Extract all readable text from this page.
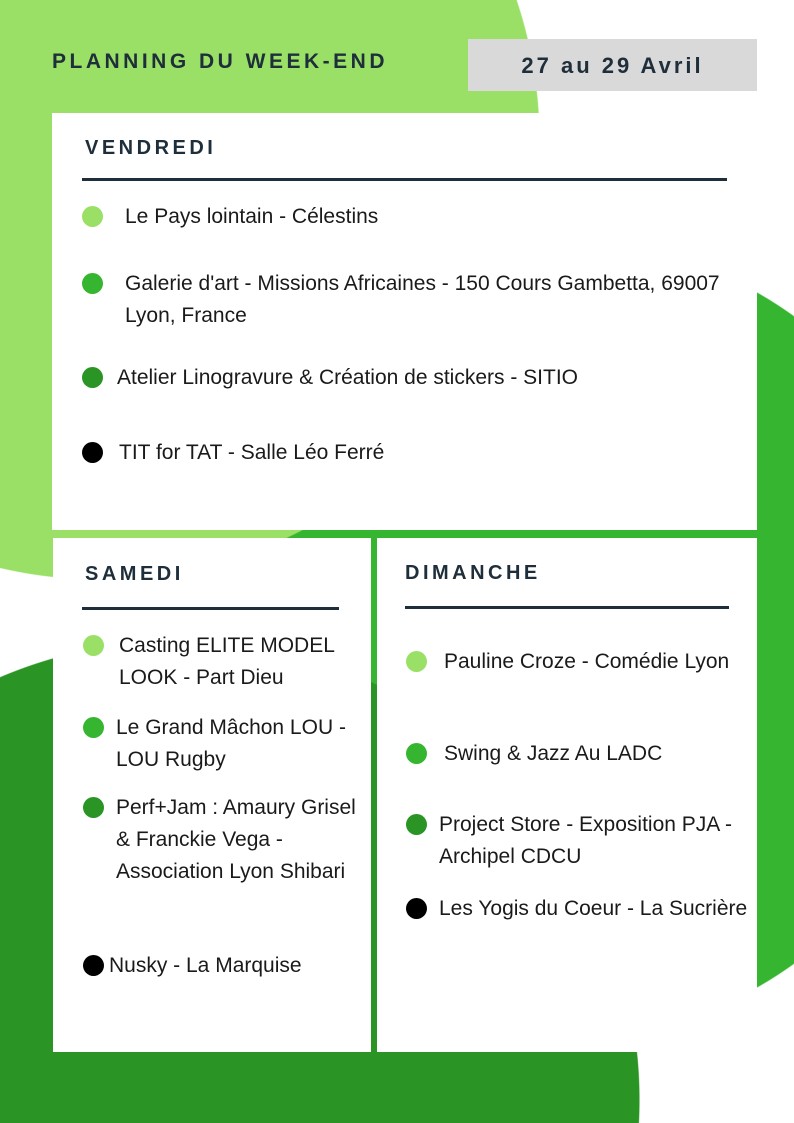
PLANNING DU WEEK-END	27 au 29 Avril
VENDREDI
SAMEDI	DIMANCHE
Le Pays lointain - Célestins
Galerie d'art - Missions Africaines - 150 Cours Gambetta, 69007 Lyon, France
Atelier Linogravure & Création de stickers - SITIO
TIT for TAT - Salle Léo Ferré
Casting ELITE MODEL LOOK - Part Dieu
Le Grand Mâchon LOU - LOU Rugby
Perf+Jam : Amaury Grisel & Franckie Vega - Association Lyon Shibari
Nusky - La Marquise
Pauline Croze - Comédie Lyon
Swing & Jazz Au LADC
Project Store - Exposition PJA - Archipel CDCU
Les Yogis du Coeur - La Sucrière
